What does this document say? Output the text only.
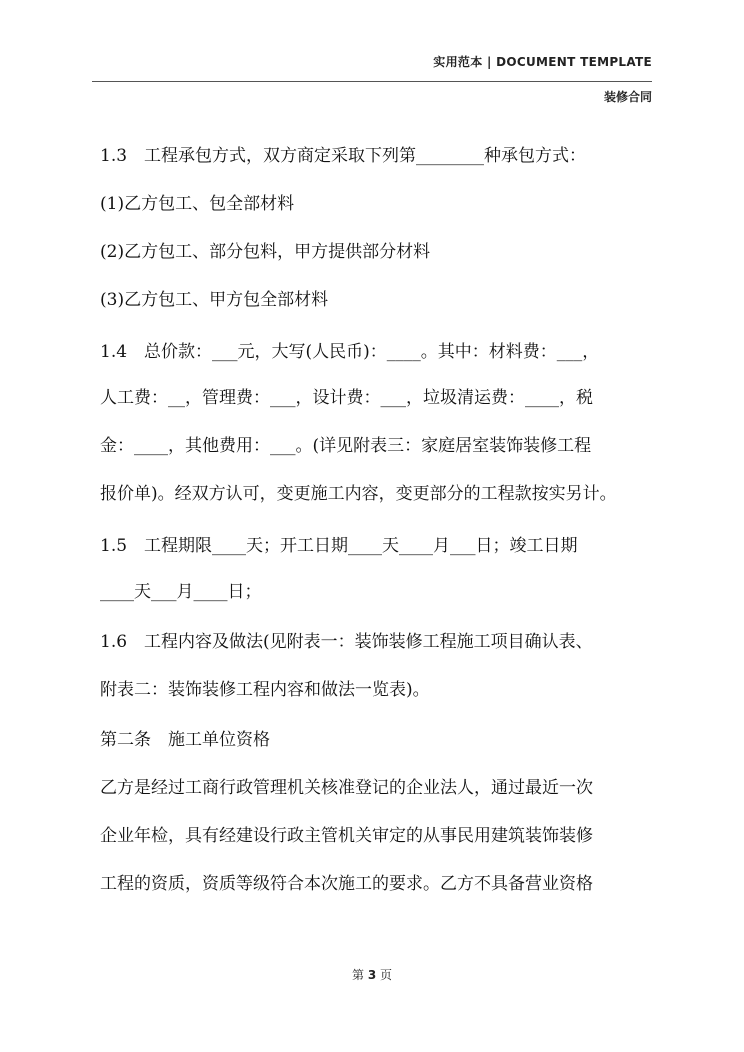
实用范本 | DOCUMENT TEMPLATE
装修合同
1.3　工程承包方式，双方商定采取下列第________种承包方式：
(1)乙方包工、包全部材料
(2)乙方包工、部分包料，甲方提供部分材料
(3)乙方包工、甲方包全部材料
1.4　总价款：___元，大写(人民币)：____。其中：材料费：___，
人工费：__，管理费：___，设计费：___，垃圾清运费：____，税
金：____，其他费用：___。(详见附表三：家庭居室装饰装修工程
报价单)。经双方认可，变更施工内容，变更部分的工程款按实另计。
1.5　工程期限____天；开工日期____天____月___日；竣工日期
____天___月____日；
1.6　工程内容及做法(见附表一：装饰装修工程施工项目确认表、
附表二：装饰装修工程内容和做法一览表)。
第二条　施工单位资格
乙方是经过工商行政管理机关核准登记的企业法人，通过最近一次
企业年检，具有经建设行政主管机关审定的从事民用建筑装饰装修
工程的资质，资质等级符合本次施工的要求。乙方不具备营业资格
第 3 页
